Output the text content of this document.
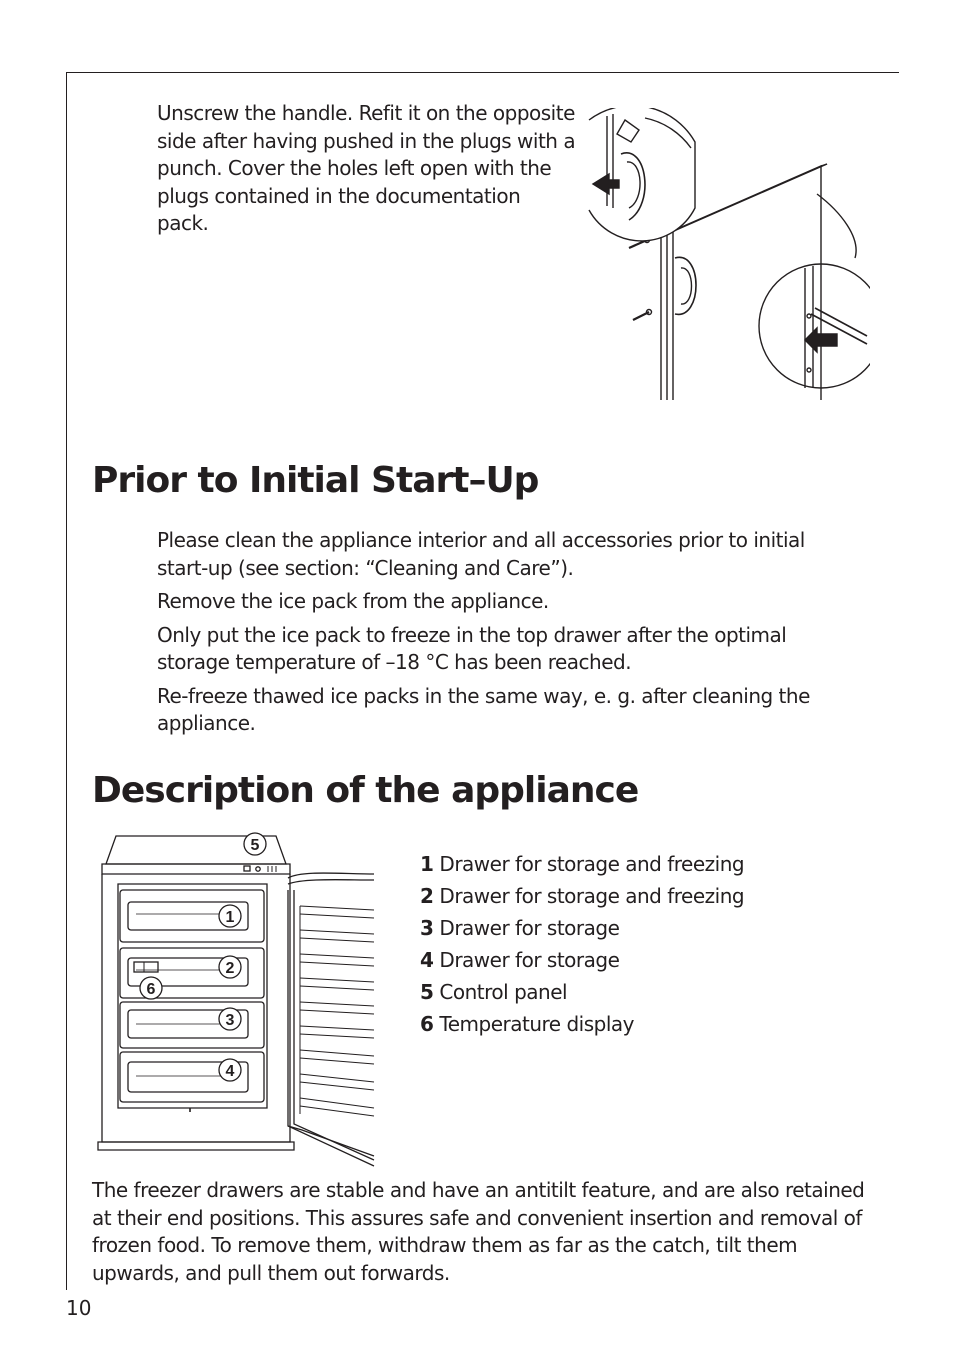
Unscrew the handle. Refit it on the opposite side after having pushed in the plugs with a punch. Cover the holes left open with the plugs contained in the documentation pack.

Prior to Initial Start–Up

Please clean the appliance interior and all accessories prior to initial start-up (see section: “Cleaning and Care”).

Remove the ice pack from the appliance.

Only put the ice pack to freeze in the top drawer after the optimal storage temperature of –18 °C has been reached.

Re-freeze thawed ice packs in the same way, e. g. after cleaning the appliance.

Description of the appliance
5
1
2
6
3
4
1 Drawer for storage and freezing
2 Drawer for storage and freezing
3 Drawer for storage
4 Drawer for storage
5 Control panel
6 Temperature display

The freezer drawers are stable and have an antitilt feature, and are also retained at their end positions. This assures safe and convenient insertion and removal of frozen food. To remove them, withdraw them as far as the catch, tilt them upwards, and pull them out forwards.

10
